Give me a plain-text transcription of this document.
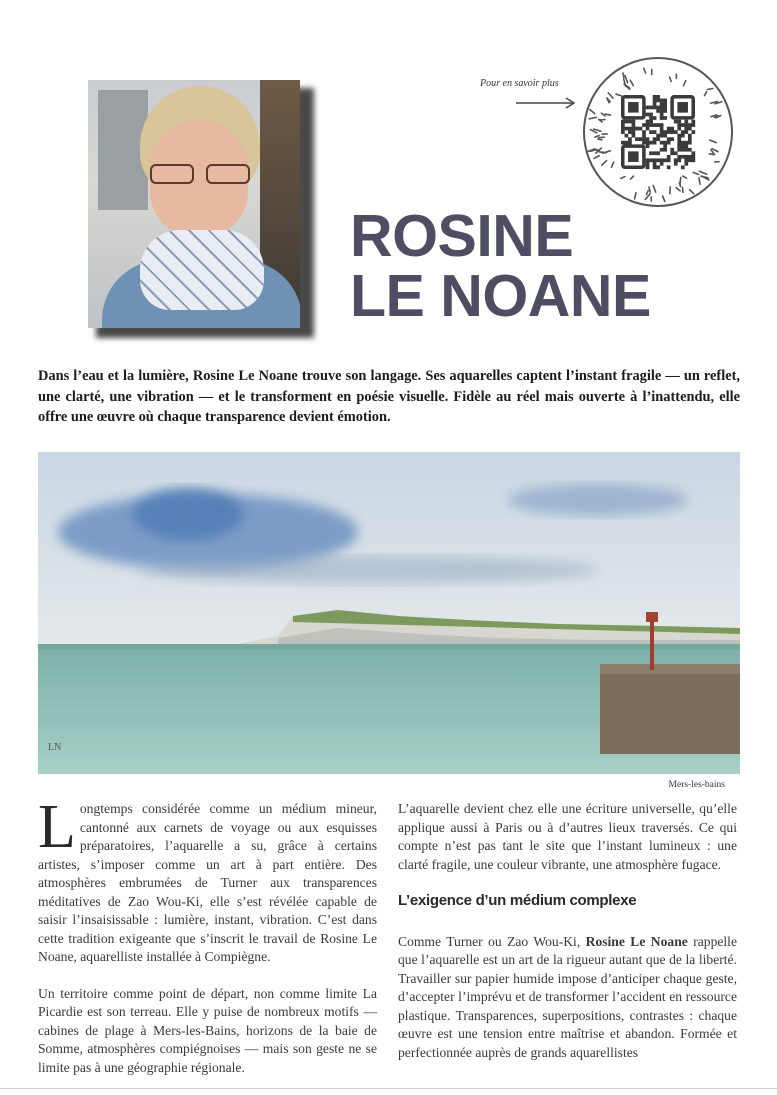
Pour en savoir plus
ROSINE
LE NOANE
Dans l’eau et la lumière, Rosine Le Noane trouve son langage. Ses aquarelles captent l’instant fragile — un reflet, une clarté, une vibration — et le transforment en poésie visuelle. Fidèle au réel mais ouverte à l’inattendu, elle offre une œuvre où chaque transparence devient émotion.
LN
Mers-les-bains

Longtemps considérée comme un médium mineur, cantonné aux carnets de voyage ou aux esquisses préparatoires, l’aquarelle a su, grâce à certains artistes, s’imposer comme un art à part entière. Des atmosphères embrumées de Turner aux transparences méditatives de Zao Wou-Ki, elle s’est révélée capable de saisir l’insaisissable : lumière, instant, vibration. C’est dans cette tradition exigeante que s’inscrit le travail de Rosine Le Noane, aquarelliste installée à Compiègne.

Un territoire comme point de départ, non comme limite La Picardie est son terreau. Elle y puise de nombreux motifs — cabines de plage à Mers-les-Bains, horizons de la baie de Somme, atmosphères compiégnoises — mais son geste ne se limite pas à une géographie régionale.

L’aquarelle devient chez elle une écriture universelle, qu’elle applique aussi à Paris ou à d’autres lieux traversés. Ce qui compte n’est pas tant le site que l’instant lumineux : une clarté fragile, une couleur vibrante, une atmosphère fugace.

L’exigence d’un médium complexe

Comme Turner ou Zao Wou-Ki, Rosine Le Noane rappelle que l’aquarelle est un art de la rigueur autant que de la liberté. Travailler sur papier humide impose d’anticiper chaque geste, d’accepter l’imprévu et de transformer l’accident en ressource plastique. Transparences, superpositions, contrastes : chaque œuvre est une tension entre maîtrise et abandon. Formée et perfectionnée auprès de grands aquarellistes
